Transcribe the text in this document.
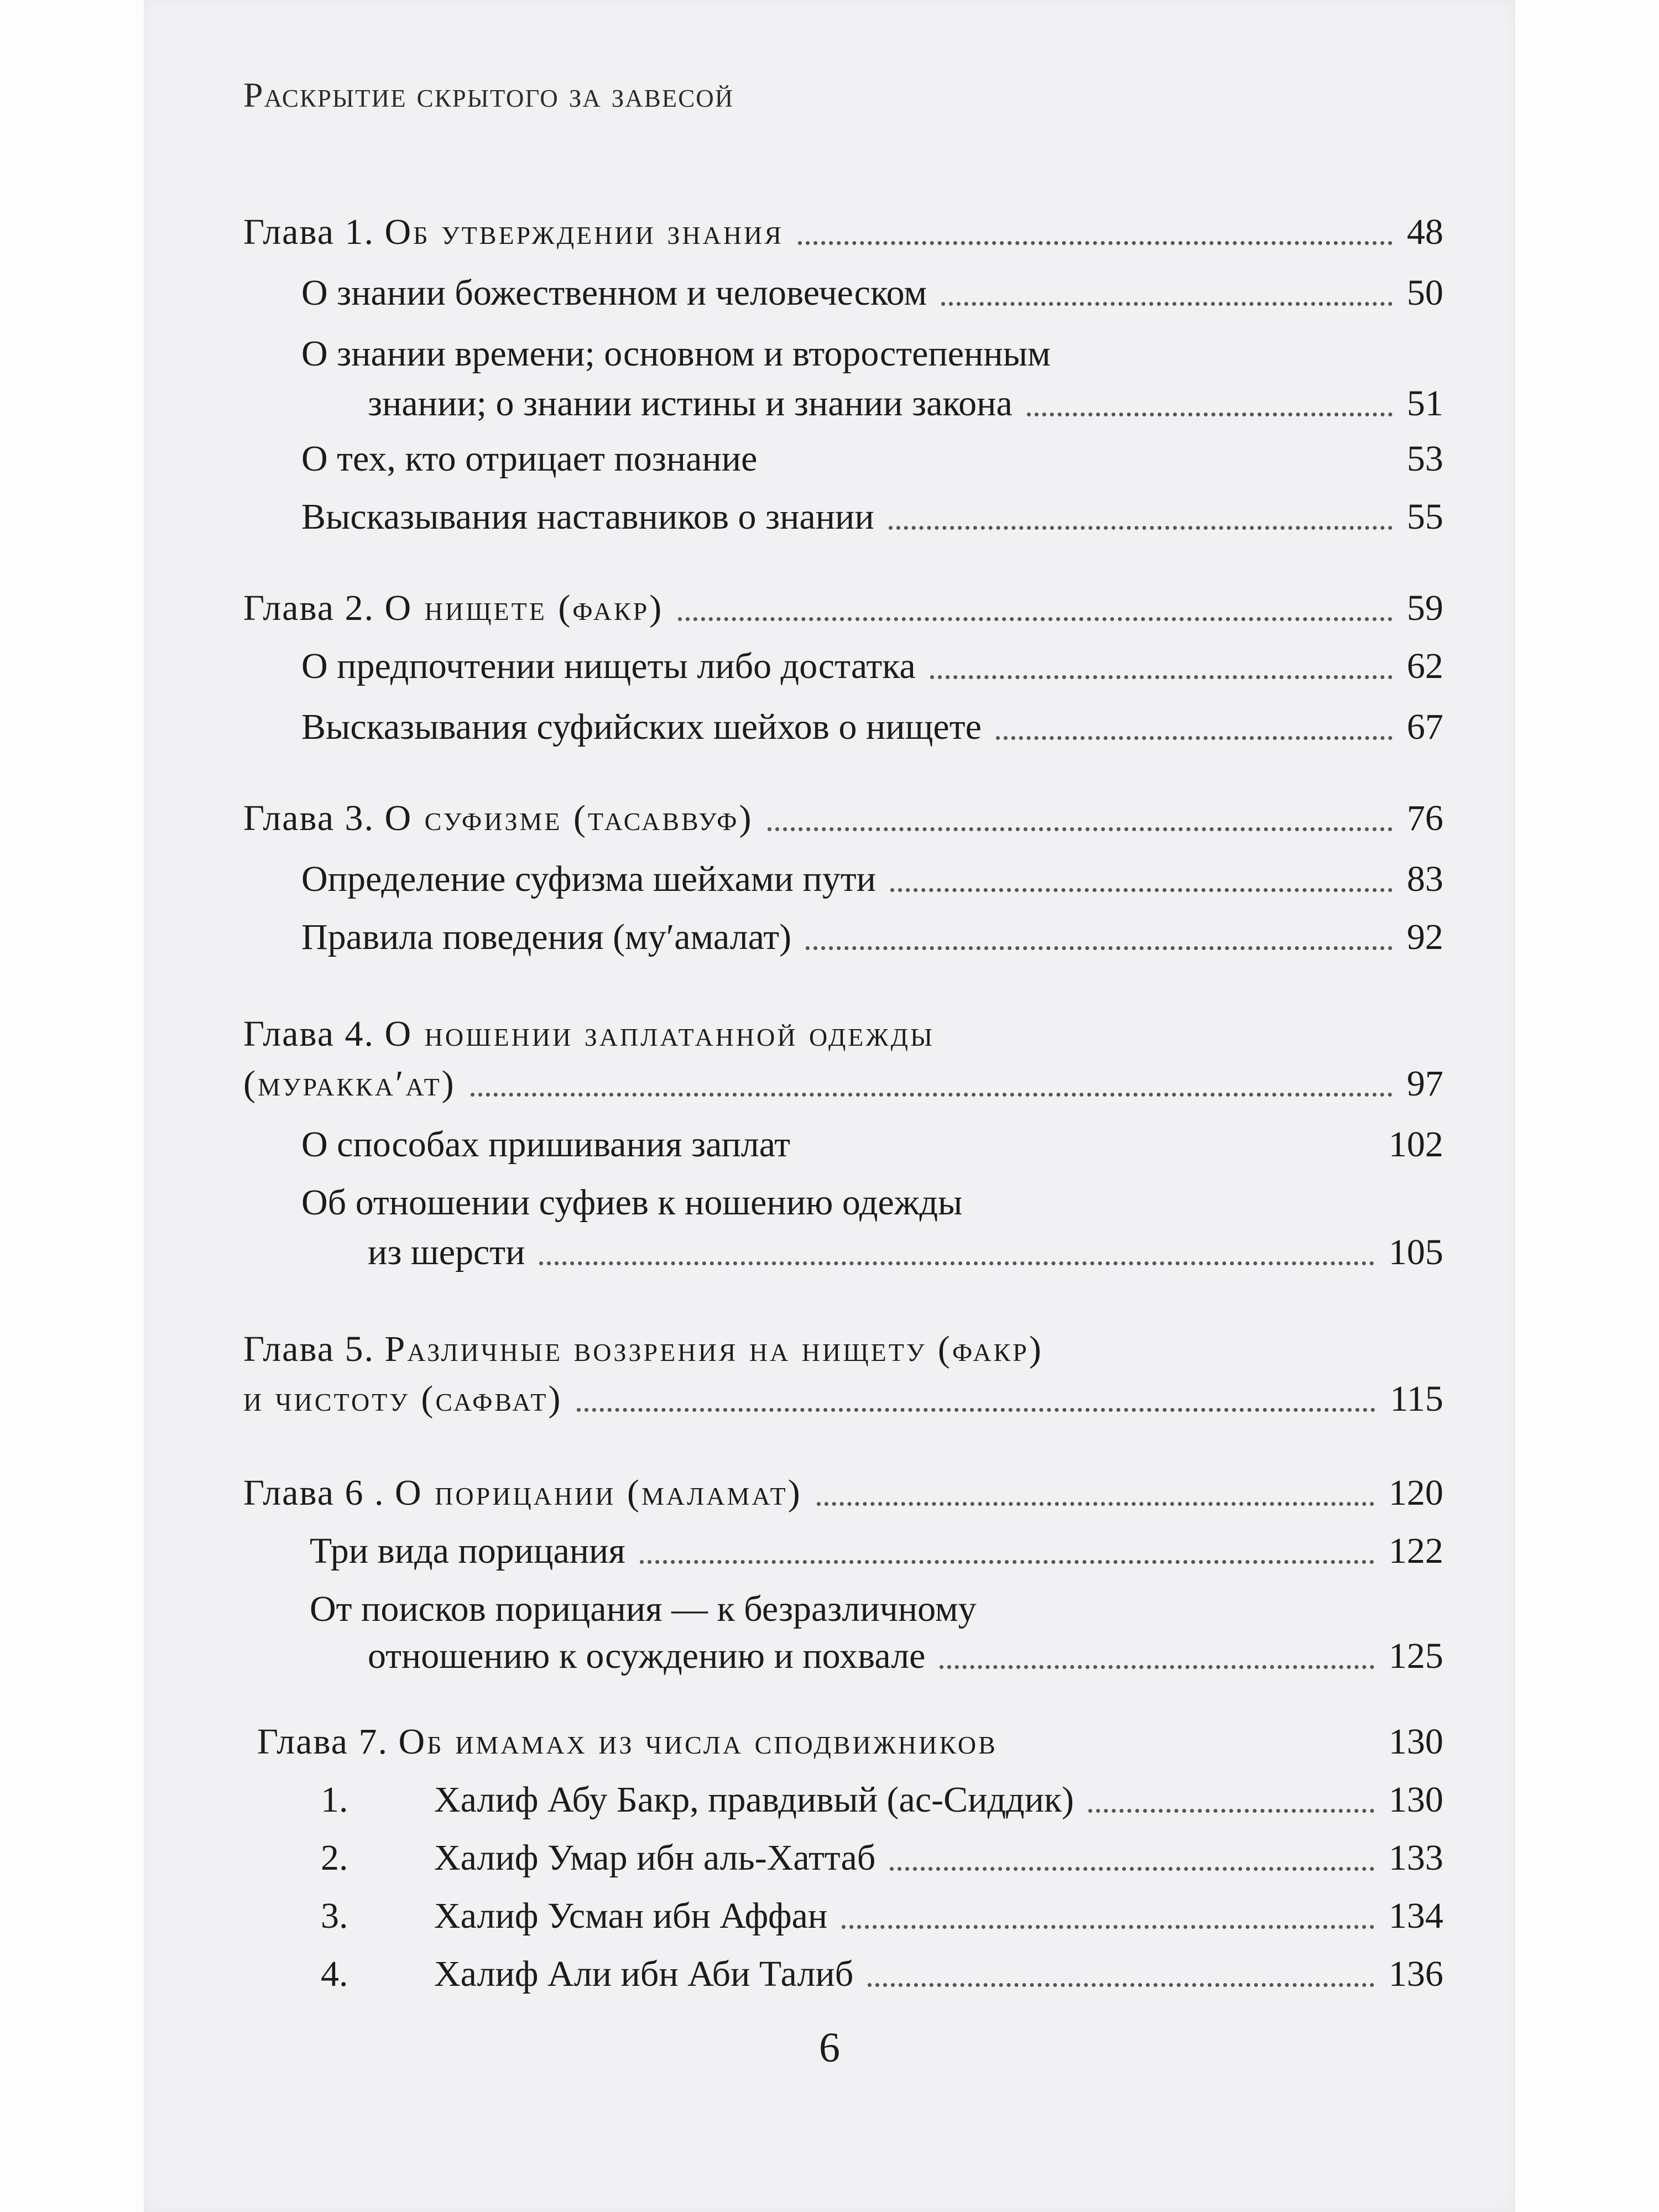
Раскрытие скрытого за завесой
Глава 1. Об утверждении знания	48
О знании божественном и человеческом	50
О знании времени; основном и второстепенным
знании; о знании истины и знании закона	51
О тех, кто отрицает познание	53
Высказывания наставников о знании	55
Глава 2. О нищете (факр)	59
О предпочтении нищеты либо достатка	62
Высказывания суфийских шейхов о нищете	67
Глава 3. О суфизме (тасаввуф)	76
Определение суфизма шейхами пути	83
Правила поведения (муʹамалат)	92
Глава 4. О ношении заплатанной одежды
(мураккаʹат)	97
О способах пришивания заплат	102
Об отношении суфиев к ношению одежды
из шерсти	105
Глава 5. Различные воззрения на нищету (факр)
и чистоту (сафват)	115
Глава 6 . О порицании (маламат)	120
Три вида порицания	122
От поисков порицания — к безразличному
отношению к осуждению и похвале	125
Глава 7. Об имамах из числа сподвижников	130
1. Халиф Абу Бакр, правдивый (ас-Сиддик)	130
2. Халиф Умар ибн аль-Хаттаб	133
3. Халиф Усман ибн Аффан	134
4. Халиф Али ибн Аби Талиб	136
6
